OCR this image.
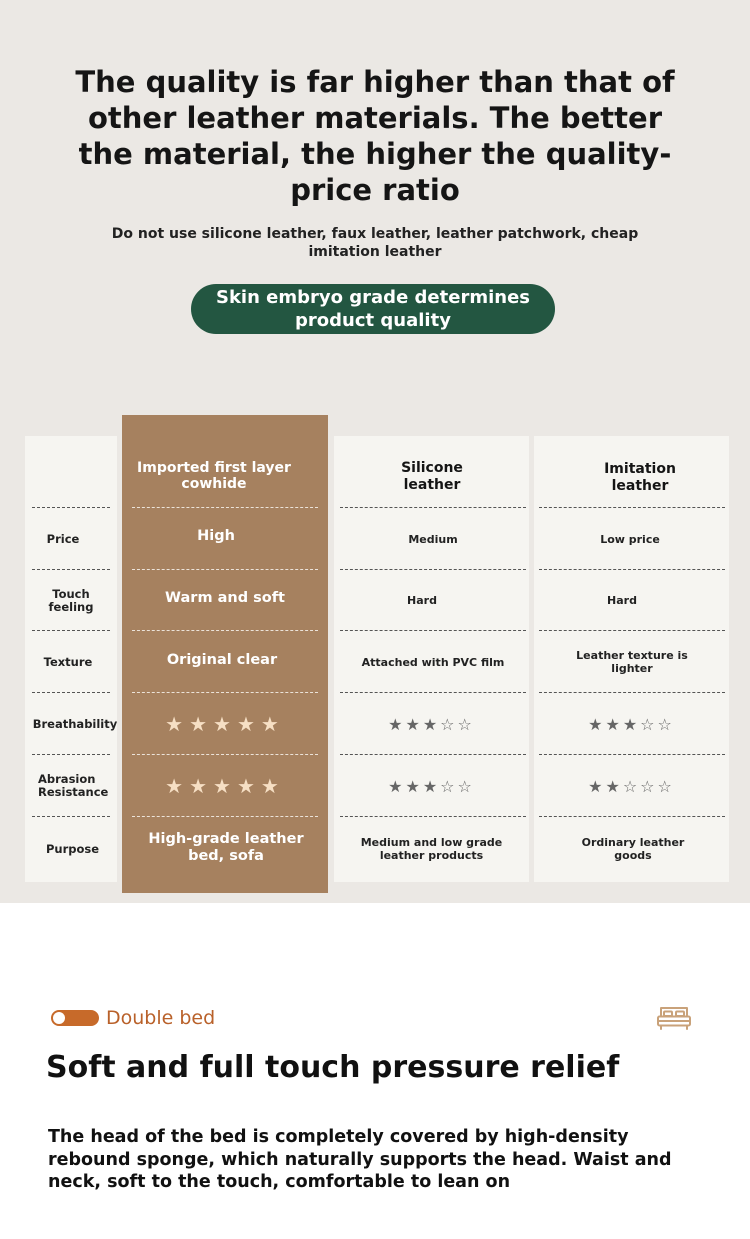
The quality is far higher than that of other leather materials. The better the material, the higher the quality-price ratio
Do not use silicone leather, faux leather, leather patchwork, cheap imitation leather
Skin embryo grade determines product quality
Price
Touch feeling
Texture
Breathability
Abrasion Resistance
Purpose
Imported first layer cowhide
High
Warm and soft
Original clear
★★★★★
★★★★★
High-grade leather bed, sofa
Silicone leather
Medium
Hard
Attached with PVC film
★★★☆☆
★★★☆☆
Medium and low grade leather products
Imitation leather
Low price
Hard
Leather texture is lighter
★★★☆☆
★★☆☆☆
Ordinary leather goods
Double bed
Soft and full touch pressure relief
The head of the bed is completely covered by high-density rebound sponge, which naturally supports the head. Waist and neck, soft to the touch, comfortable to lean on
